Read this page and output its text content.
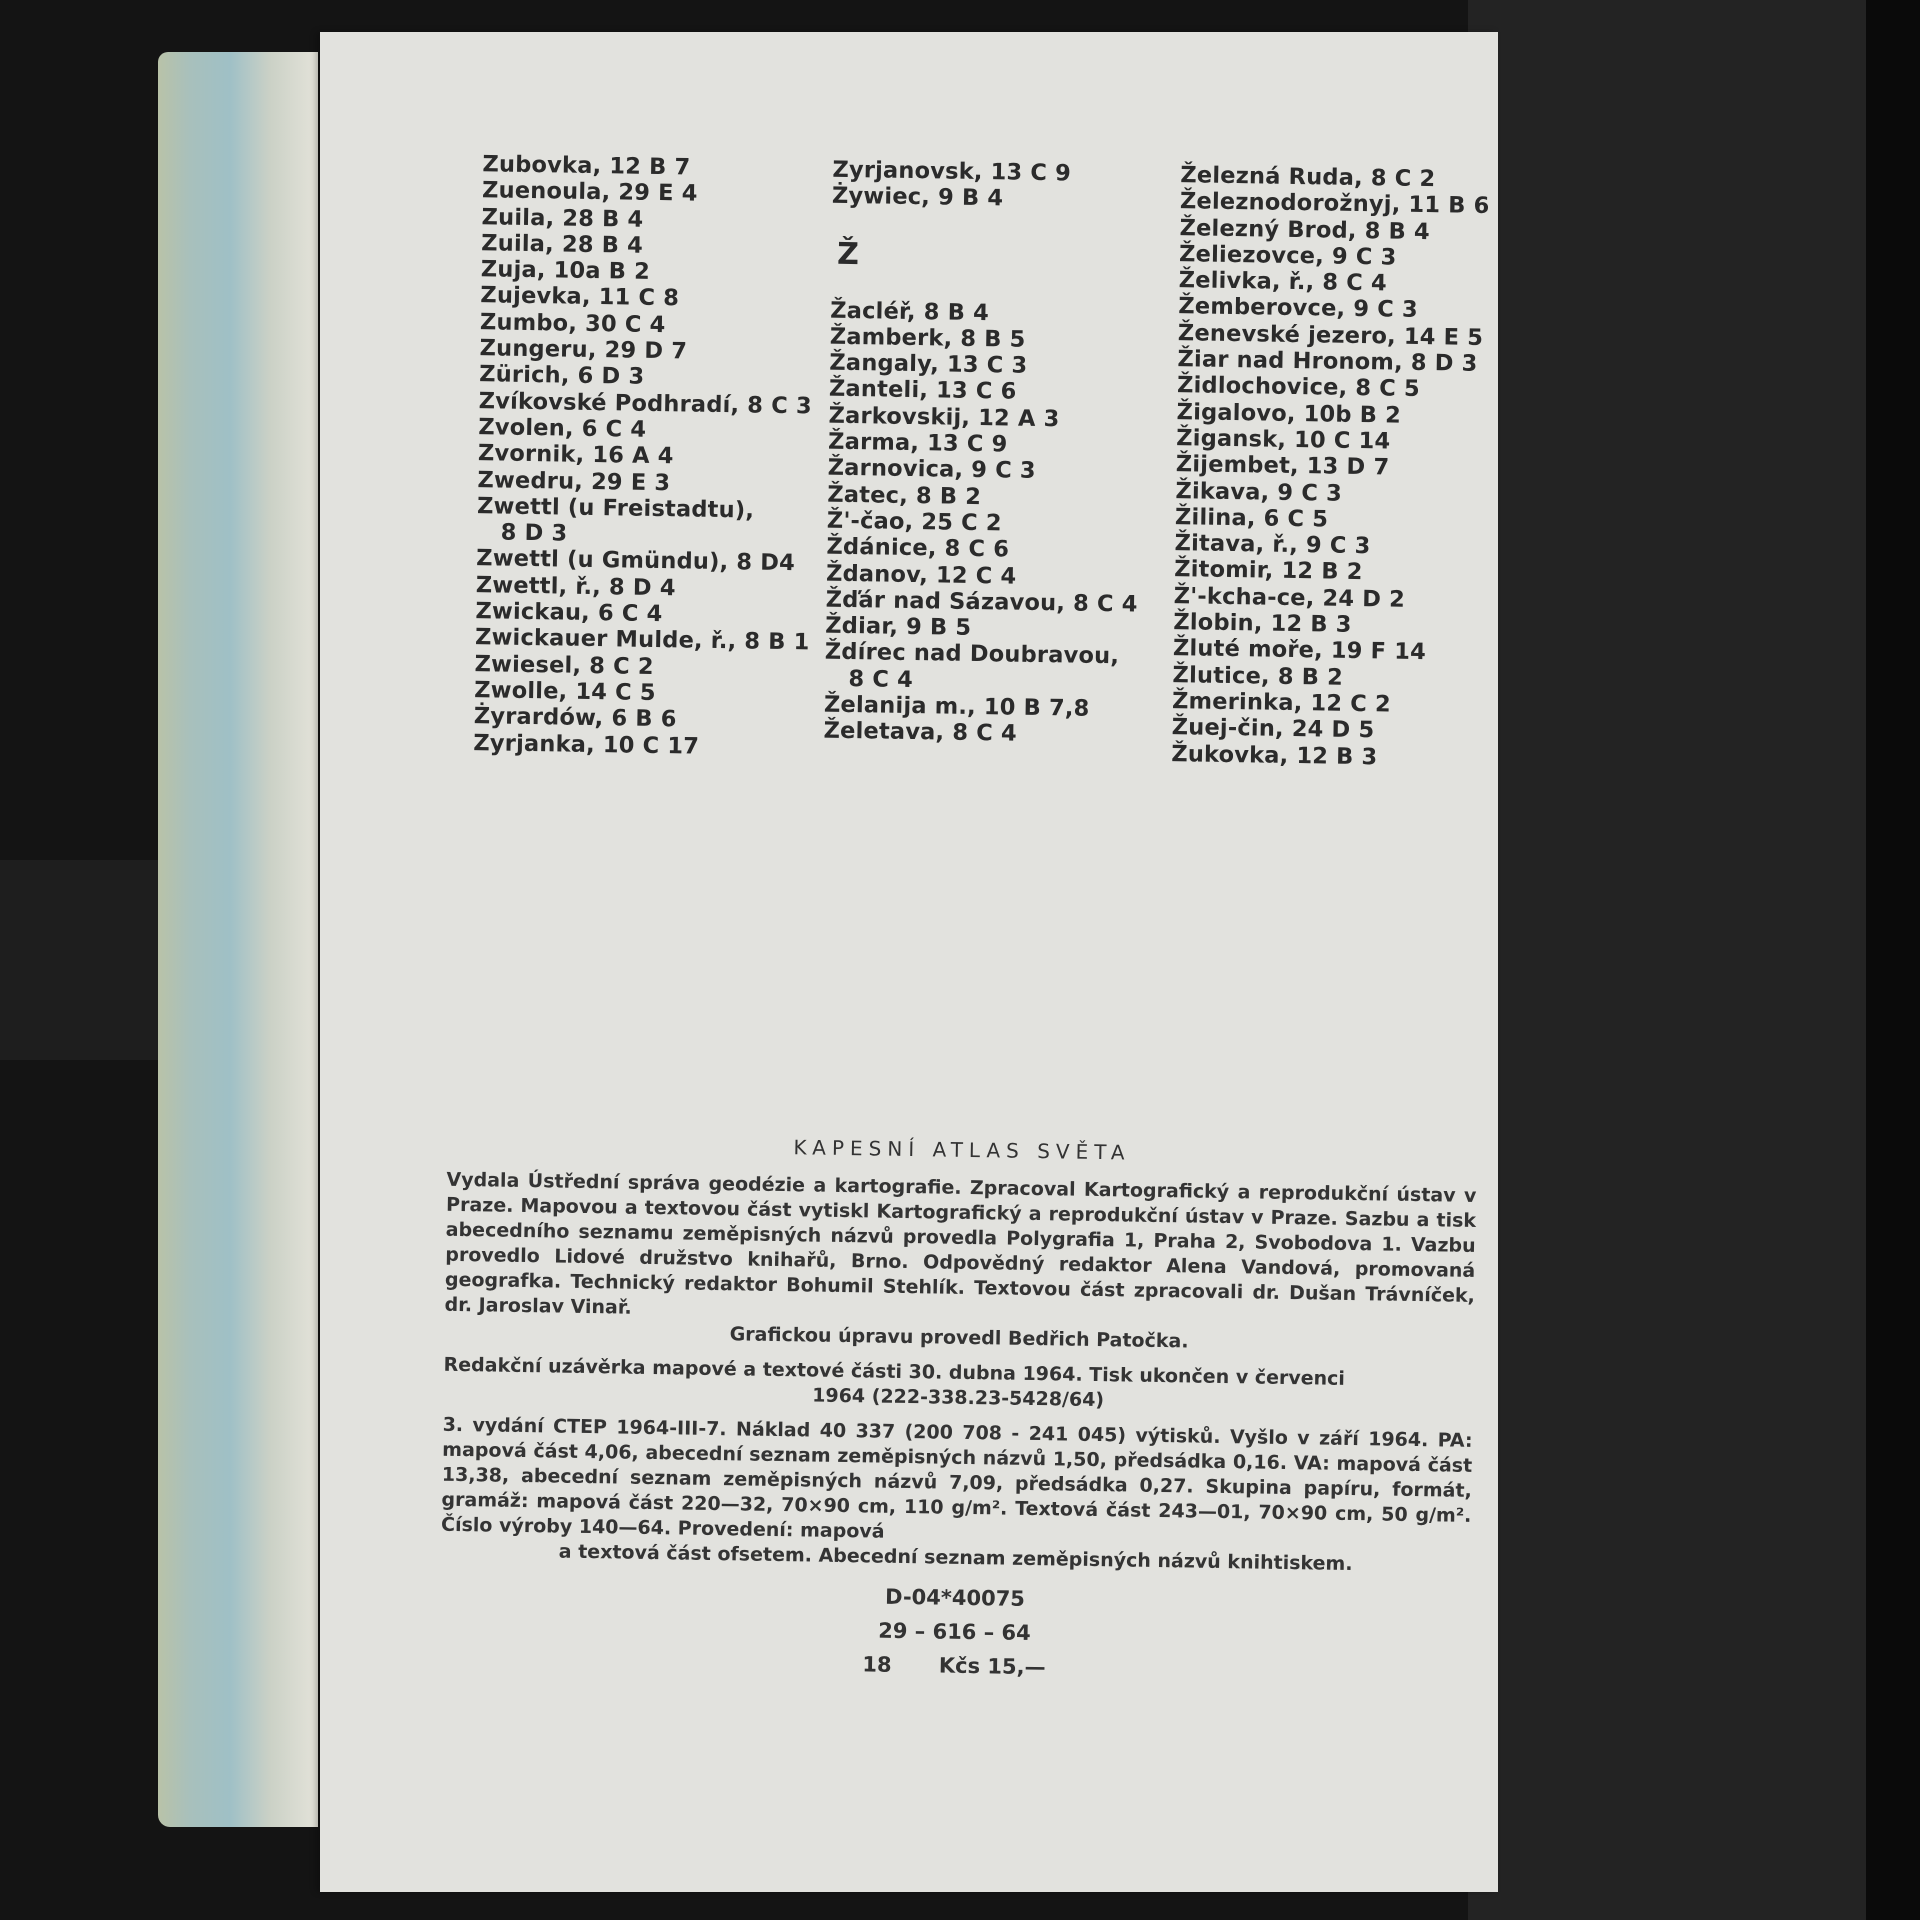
Zubovka, 12 B 7
Zuenoula, 29 E 4
Zuila, 28 B 4
Zuila, 28 B 4
Zuja, 10a B 2
Zujevka, 11 C 8
Zumbo, 30 C 4
Zungeru, 29 D 7
Zürich, 6 D 3
Zvíkovské Podhradí, 8 C 3
Zvolen, 6 C 4
Zvornik, 16 A 4
Zwedru, 29 E 3
Zwettl (u Freistadtu),
8 D 3
Zwettl (u Gmündu), 8 D4
Zwettl, ř., 8 D 4
Zwickau, 6 C 4
Zwickauer Mulde, ř., 8 B 1
Zwiesel, 8 C 2
Zwolle, 14 C 5
Żyrardów, 6 B 6
Zyrjanka, 10 C 17
Zyrjanovsk, 13 C 9
Żywiec, 9 B 4
Ž
Žacléř, 8 B 4
Žamberk, 8 B 5
Žangaly, 13 C 3
Žanteli, 13 C 6
Žarkovskij, 12 A 3
Žarma, 13 C 9
Žarnovica, 9 C 3
Žatec, 8 B 2
Ž'-čao, 25 C 2
Ždánice, 8 C 6
Ždanov, 12 C 4
Žďár nad Sázavou, 8 C 4
Ždiar, 9 B 5
Ždírec nad Doubravou,
8 C 4
Želanija m., 10 B 7,8
Želetava, 8 C 4
Železná Ruda, 8 C 2
Železnodorožnyj, 11 B 6
Železný Brod, 8 B 4
Želiezovce, 9 C 3
Želivka, ř., 8 C 4
Žemberovce, 9 C 3
Ženevské jezero, 14 E 5
Žiar nad Hronom, 8 D 3
Židlochovice, 8 C 5
Žigalovo, 10b B 2
Žigansk, 10 C 14
Žijembet, 13 D 7
Žikava, 9 C 3
Žilina, 6 C 5
Žitava, ř., 9 C 3
Žitomir, 12 B 2
Ž'-kcha-ce, 24 D 2
Žlobin, 12 B 3
Žluté moře, 19 F 14
Žlutice, 8 B 2
Žmerinka, 12 C 2
Žuej-čin, 24 D 5
Žukovka, 12 B 3
KAPESNÍ ATLAS SVĚTA

Vydala Ústřední správa geodézie a kartografie. Zpracoval Kartografický a reprodukční ústav v Praze. Mapovou a textovou část vytiskl Kartografický a reprodukční ústav v Praze. Sazbu a tisk abecedního seznamu zeměpisných názvů provedla Polygrafia 1, Praha 2, Svobodova 1. Vazbu provedlo Lidové družstvo knihařů, Brno. Odpovědný redaktor Alena Vandová, promovaná geografka. Technický redaktor Bohumil Stehlík. Textovou část zpracovali dr. Dušan Trávníček, dr. Jaroslav Vinař.
Grafickou úpravu provedl Bedřich Patočka.

Redakční uzávěrka mapové a textové části 30. dubna 1964. Tisk ukončen v červenci
1964 (222-338.23-5428/64)

3. vydání CTEP 1964-III-7. Náklad 40 337 (200 708 - 241 045) výtisků. Vyšlo v září 1964. PA: mapová část 4,06, abecední seznam zeměpisných názvů 1,50, předsádka 0,16. VA: mapová část 13,38, abecední seznam zeměpisných názvů 7,09, předsádka 0,27. Skupina papíru, formát, gramáž: mapová část 220—32, 70×90 cm, 110 g/m². Textová část 243—01, 70×90 cm, 50 g/m². Číslo výroby 140—64. Provedení: mapová
a textová část ofsetem. Abecední seznam zeměpisných názvů knihtiskem.

D-04*40075
29 – 616 – 64
18 Kčs 15,—
